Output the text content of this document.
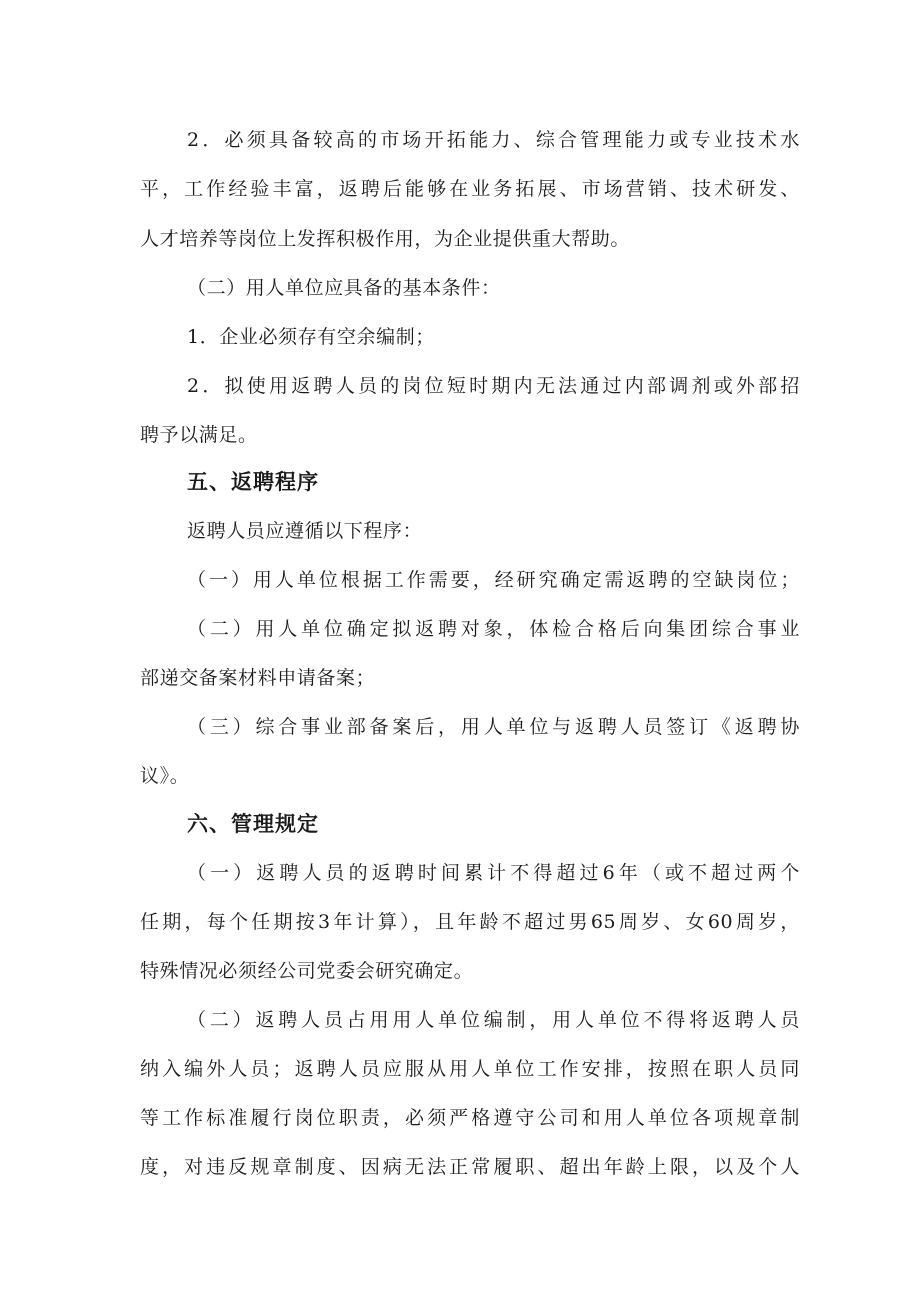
2．必须具备较高的市场开拓能力、综合管理能力或专业技术水
平，工作经验丰富，返聘后能够在业务拓展、市场营销、技术研发、
人才培养等岗位上发挥积极作用，为企业提供重大帮助。
（二）用人单位应具备的基本条件：
1．企业必须存有空余编制；
2．拟使用返聘人员的岗位短时期内无法通过内部调剂或外部招
聘予以满足。
五、返聘程序
返聘人员应遵循以下程序：
（一）用人单位根据工作需要，经研究确定需返聘的空缺岗位；
（二）用人单位确定拟返聘对象，体检合格后向集团综合事业
部递交备案材料申请备案；
（三）综合事业部备案后，用人单位与返聘人员签订《返聘协
议》。
六、管理规定
（一）返聘人员的返聘时间累计不得超过6年（或不超过两个
任期，每个任期按3年计算），且年龄不超过男65周岁、女60周岁，
特殊情况必须经公司党委会研究确定。
（二）返聘人员占用用人单位编制，用人单位不得将返聘人员
纳入编外人员；返聘人员应服从用人单位工作安排，按照在职人员同
等工作标准履行岗位职责，必须严格遵守公司和用人单位各项规章制
度，对违反规章制度、因病无法正常履职、超出年龄上限，以及个人
